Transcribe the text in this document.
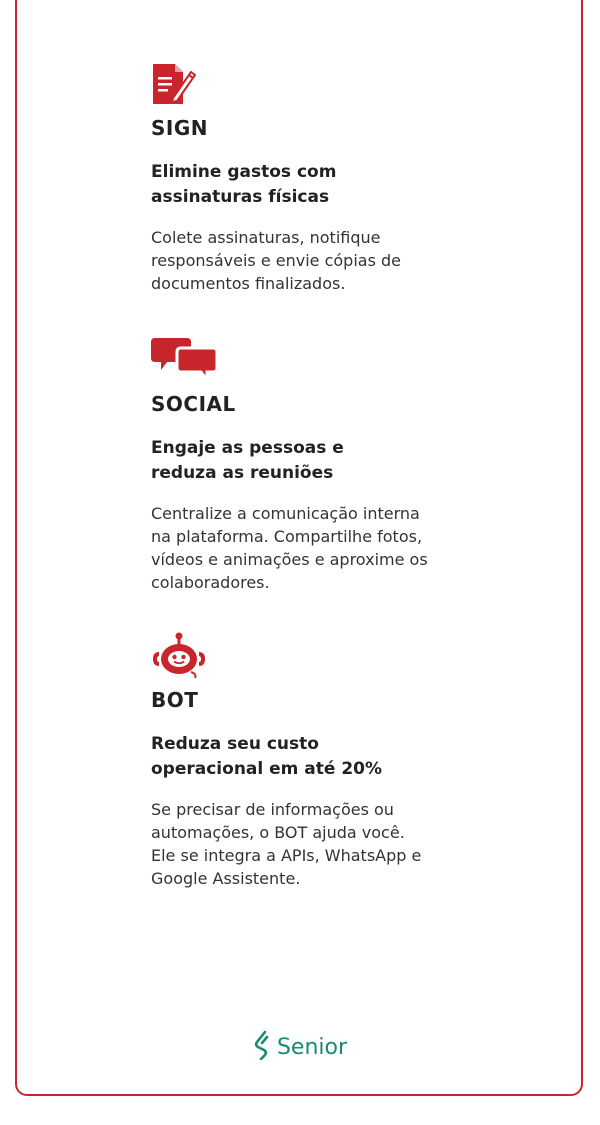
SIGN
Elimine gastos com
assinaturas físicas
Colete assinaturas, notifique
responsáveis e envie cópias de
documentos finalizados.
SOCIAL
Engaje as pessoas e
reduza as reuniões
Centralize a comunicação interna
na plataforma. Compartilhe fotos,
vídeos e animações e aproxime os
colaboradores.
BOT
Reduza seu custo
operacional em até 20%
Se precisar de informações ou
automações, o BOT ajuda você.
Ele se integra a APIs, WhatsApp e
Google Assistente.
Senior
